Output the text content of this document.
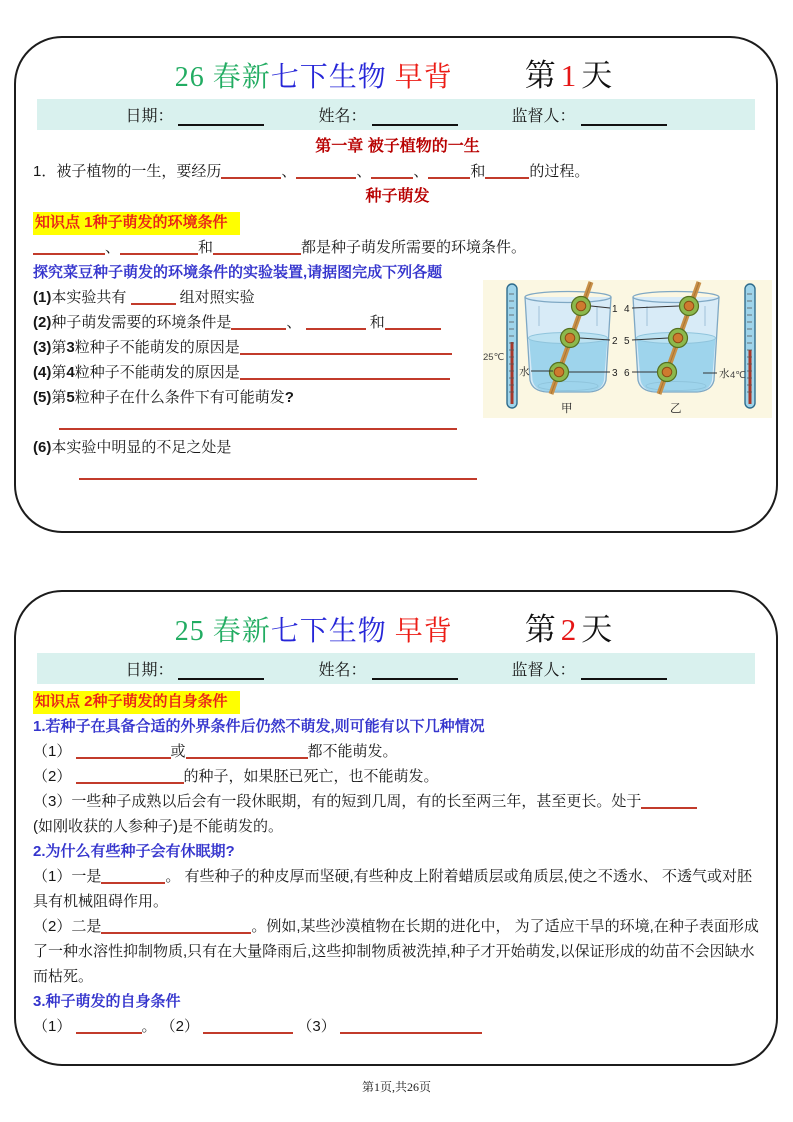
26 春新七下生物 早背 第1天
日期：	姓名：	监督人：
第一章 被子植物的一生
1．被子植物的一生，要经历	、	、	、	和	的过程。
种子萌发
知识点 1种子萌发的环境条件
、	和	都是种子萌发所需要的环境条件。
探究菜豆种子萌发的环境条件的实验装置,请据图完成下列各题
(1)本实验共有	组对照实验
(2)种子萌发需要的环境条件是	、	和
(3)第3粒种子不能萌发的原因是
(4)第4粒种子不能萌发的原因是
(5)第5粒种子在什么条件下有可能萌发?
(6)本实验中明显的不足之处是
25℃
1
2
3
4
5
6
水	水 4℃
甲	乙
25 春新七下生物 早背 第2天
日期：	姓名：	监督人：
知识点 2种子萌发的自身条件
1.若种子在具备合适的外界条件后仍然不萌发,则可能有以下几种情况
（1）	或	都不能萌发。
（2）	的种子，如果胚已死亡，也不能萌发。
（3）一些种子成熟以后会有一段休眠期，有的短到几周，有的长至两三年，甚至更长。处于
(如刚收获的人参种子)是不能萌发的。
2.为什么有些种子会有休眠期?
（1）一是	。 有些种子的种皮厚而坚硬,有些种皮上附着蜡质层或角质层,使之不透水、 不透气或对胚具有机械阻碍作用。
（2）二是	。例如,某些沙漠植物在长期的进化中， 为了适应干旱的环境,在种子表面形成了一种水溶性抑制物质,只有在大量降雨后,这些抑制物质被洗掉,种子才开始萌发,以保证形成的幼苗不会因缺水而枯死。
3.种子萌发的自身条件
（1）	。 （2）	（3）
第1页,共26页
